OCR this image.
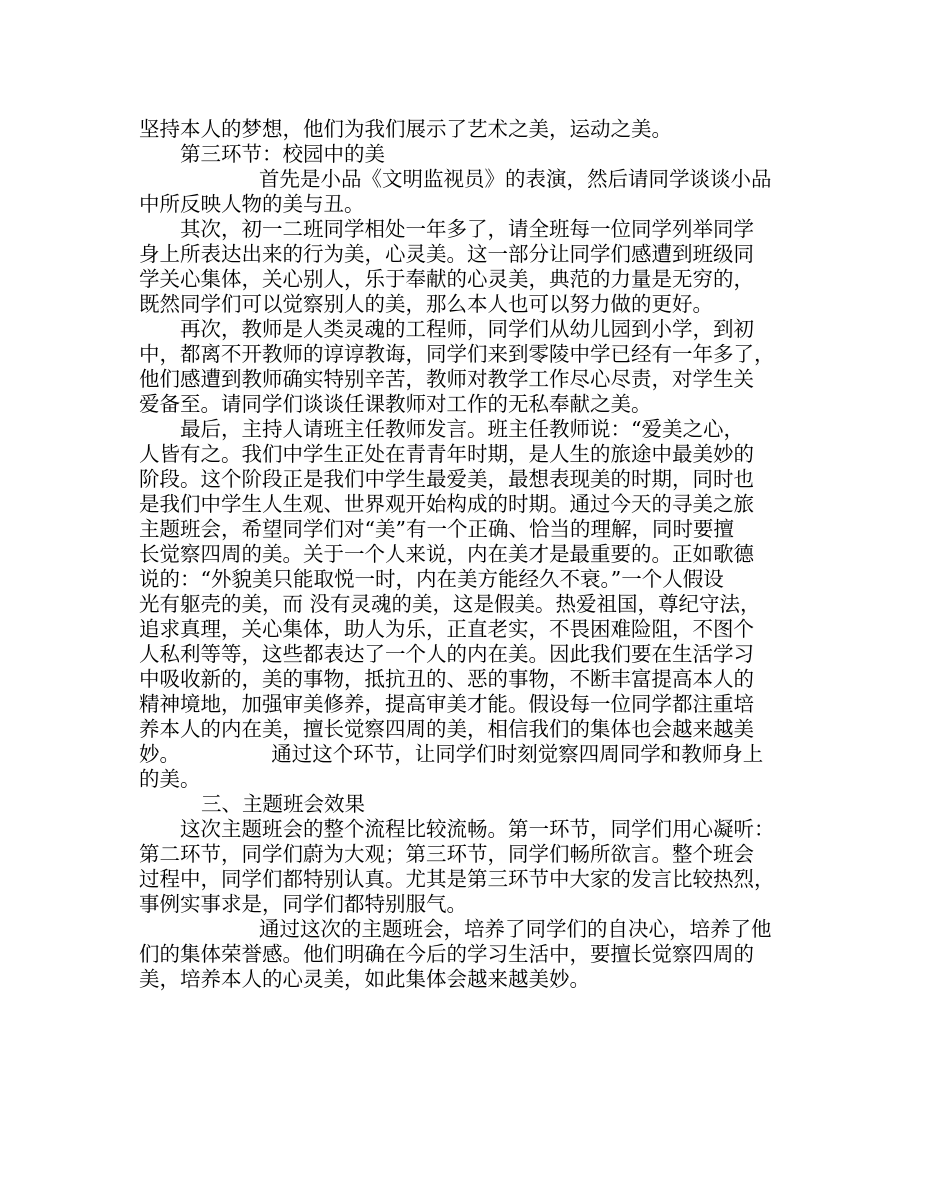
坚持本人的梦想，他们为我们展示了艺术之美，运动之美。
第三环节：校园中的美
首先是小品《文明监视员》的表演，然后请同学谈谈小品
中所反映人物的美与丑。
其次，初一二班同学相处一年多了，请全班每一位同学列举同学
身上所表达出来的行为美，心灵美。这一部分让同学们感遭到班级同
学关心集体，关心别人，乐于奉献的心灵美，典范的力量是无穷的，
既然同学们可以觉察别人的美，那么本人也可以努力做的更好。
再次，教师是人类灵魂的工程师，同学们从幼儿园到小学，到初
中，都离不开教师的谆谆教诲，同学们来到零陵中学已经有一年多了，
他们感遭到教师确实特别辛苦，教师对教学工作尽心尽责，对学生关
爱备至。请同学们谈谈任课教师对工作的无私奉献之美。
最后，主持人请班主任教师发言。班主任教师说：“爱美之心，
人皆有之。我们中学生正处在青青年时期，是人生的旅途中最美妙的
阶段。这个阶段正是我们中学生最爱美，最想表现美的时期，同时也
是我们中学生人生观、世界观开始构成的时期。通过今天的寻美之旅
主题班会，希望同学们对“美”有一个正确、恰当的理解，同时要擅
长觉察四周的美。关于一个人来说，内在美才是最重要的。正如歌德
说的：“外貌美只能取悦一时，内在美方能经久不衰。”一个人假设
光有躯壳的美，而 没有灵魂的美，这是假美。热爱祖国，尊纪守法，
追求真理，关心集体，助人为乐，正直老实，不畏困难险阻，不图个
人私利等等，这些都表达了一个人的内在美。因此我们要在生活学习
中吸收新的，美的事物，抵抗丑的、恶的事物，不断丰富提高本人的
精神境地，加强审美修养，提高审美才能。假设每一位同学都注重培
养本人的内在美，擅长觉察四周的美，相信我们的集体也会越来越美
妙。              通过这个环节，让同学们时刻觉察四周同学和教师身上
的美。
三、主题班会效果
这次主题班会的整个流程比较流畅。第一环节，同学们用心凝听：
第二环节，同学们蔚为大观；第三环节，同学们畅所欲言。整个班会
过程中，同学们都特别认真。尤其是第三环节中大家的发言比较热烈，
事例实事求是，同学们都特别服气。
通过这次的主题班会，培养了同学们的自决心，培养了他
们的集体荣誉感。他们明确在今后的学习生活中，要擅长觉察四周的
美，培养本人的心灵美，如此集体会越来越美妙。
